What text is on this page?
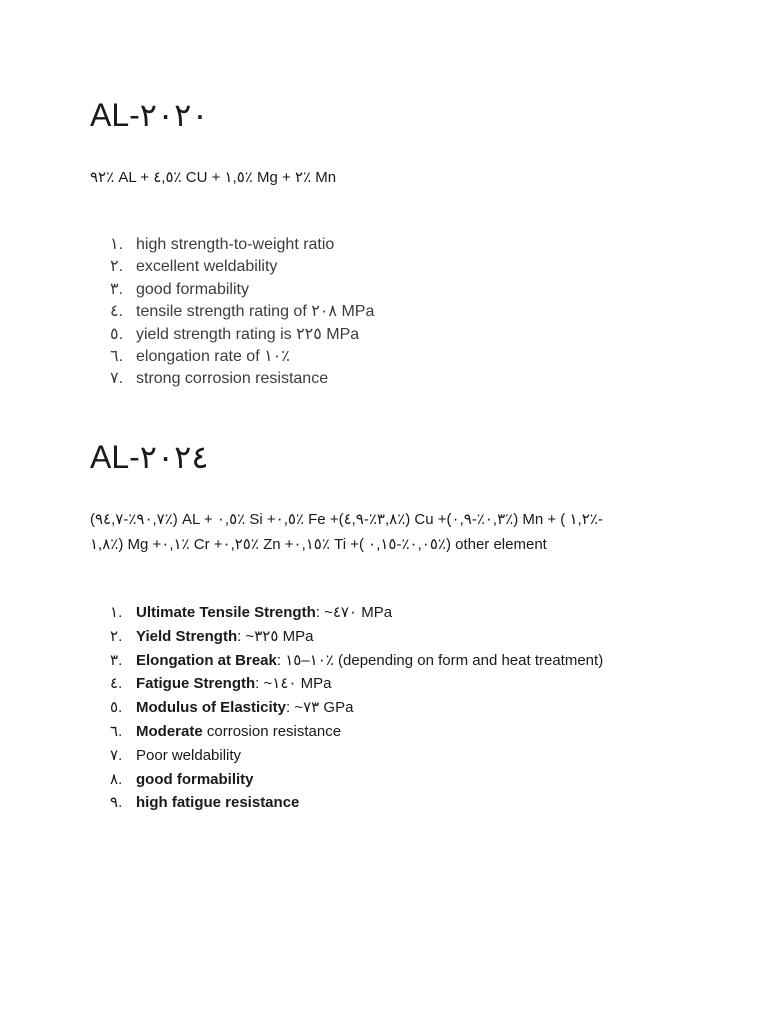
AL-٢٠٢٠

٩٢٪ AL + ٤,٥٪ CU + ١,٥٪ Mg + ٢٪ Mn

١. high strength-to-weight ratio
٢. excellent weldability
٣. good formability
٤. tensile strength rating of ٢٠٨ MPa
٥. yield strength rating is ٢٢٥ MPa
٦. elongation rate of ١٠٪
٧. strong corrosion resistance
AL-٢٠٢٤

(٩٠,٧٪-٩٤,٧٪) AL + ٠,٥٪ Si +٠,٥٪ Fe +(٣,٨٪-٤,٩٪) Cu +(٠,٣٪-٠,٩٪) Mn + ( ١,٢٪-
١,٨٪) Mg +٠,١٪ Cr +٠,٢٥٪ Zn +٠,١٥٪ Ti +( ٠,٠٥٪-٠,١٥٪) other element

١. Ultimate Tensile Strength: ~٤٧٠ MPa
٢. Yield Strength: ~٣٢٥ MPa
٣. Elongation at Break: ١٠–١٥٪ (depending on form and heat treatment)
٤. Fatigue Strength: ~١٤٠ MPa
٥. Modulus of Elasticity: ~٧٣ GPa
٦. Moderate corrosion resistance
٧. Poor weldability
٨. good formability
٩. high fatigue resistance
